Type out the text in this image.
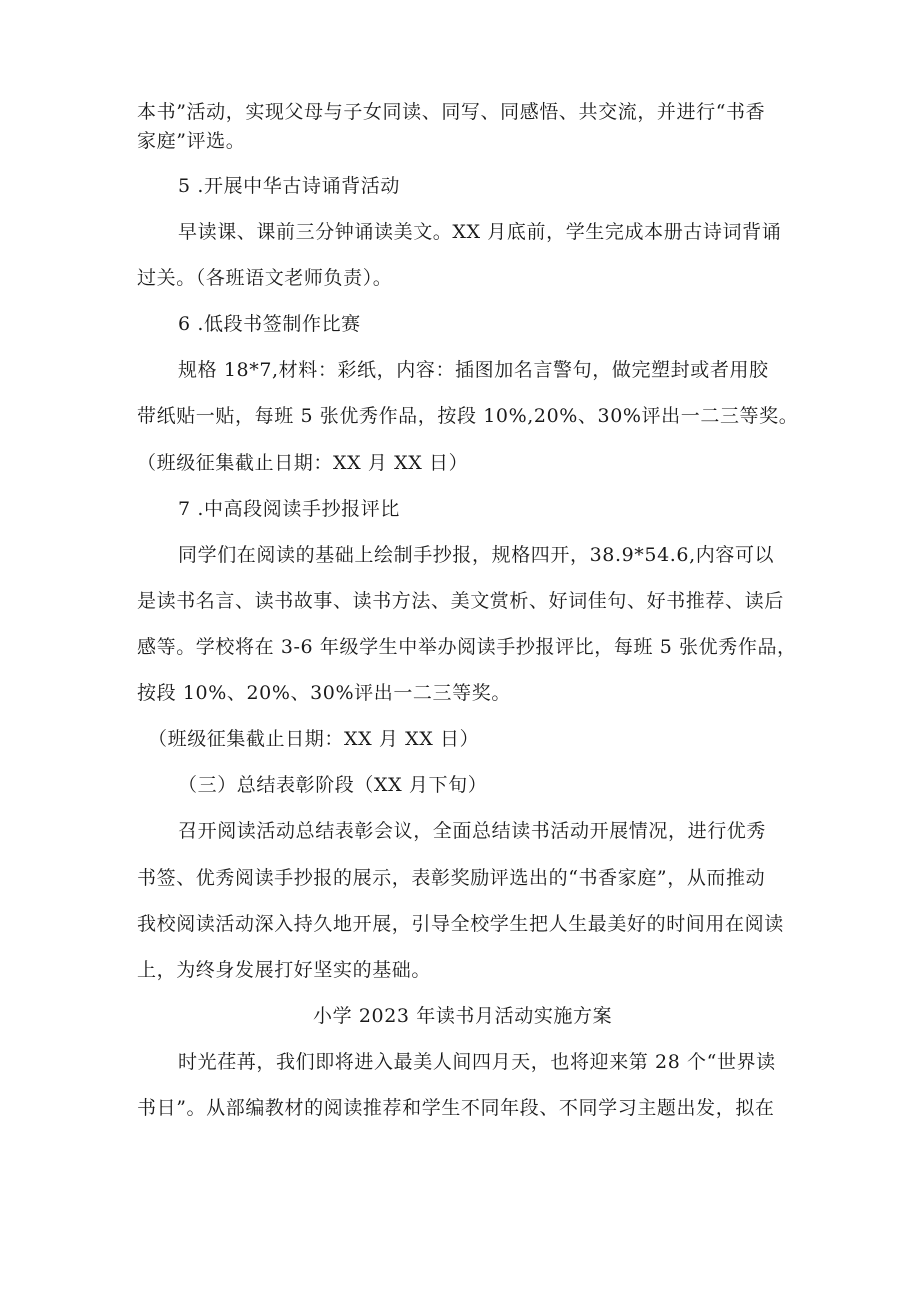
本书”活动，实现父母与子女同读、同写、同感悟、共交流，并进行“书香
家庭”评选。
5 .开展中华古诗诵背活动
早读课、课前三分钟诵读美文。XX 月底前，学生完成本册古诗词背诵
过关。（各班语文老师负责）。
6 .低段书签制作比赛
规格 18*7,材料：彩纸，内容：插图加名言警句，做完塑封或者用胶
带纸贴一贴，每班 5 张优秀作品，按段 10%,20%、30%评出一二三等奖。
（班级征集截止日期：XX 月 XX 日）
7 .中高段阅读手抄报评比
同学们在阅读的基础上绘制手抄报，规格四开，38.9*54.6,内容可以
是读书名言、读书故事、读书方法、美文赏析、好词佳句、好书推荐、读后
感等。学校将在 3-6 年级学生中举办阅读手抄报评比，每班 5 张优秀作品，
按段 10%、20%、30%评出一二三等奖。
（班级征集截止日期：XX 月 XX 日）
（三）总结表彰阶段（XX 月下旬）
召开阅读活动总结表彰会议，全面总结读书活动开展情况，进行优秀
书签、优秀阅读手抄报的展示，表彰奖励评选出的“书香家庭”，从而推动
我校阅读活动深入持久地开展，引导全校学生把人生最美好的时间用在阅读
上，为终身发展打好坚实的基础。
小学 2023 年读书月活动实施方案
时光荏苒，我们即将进入最美人间四月天，也将迎来第 28 个“世界读
书日”。从部编教材的阅读推荐和学生不同年段、不同学习主题出发，拟在
